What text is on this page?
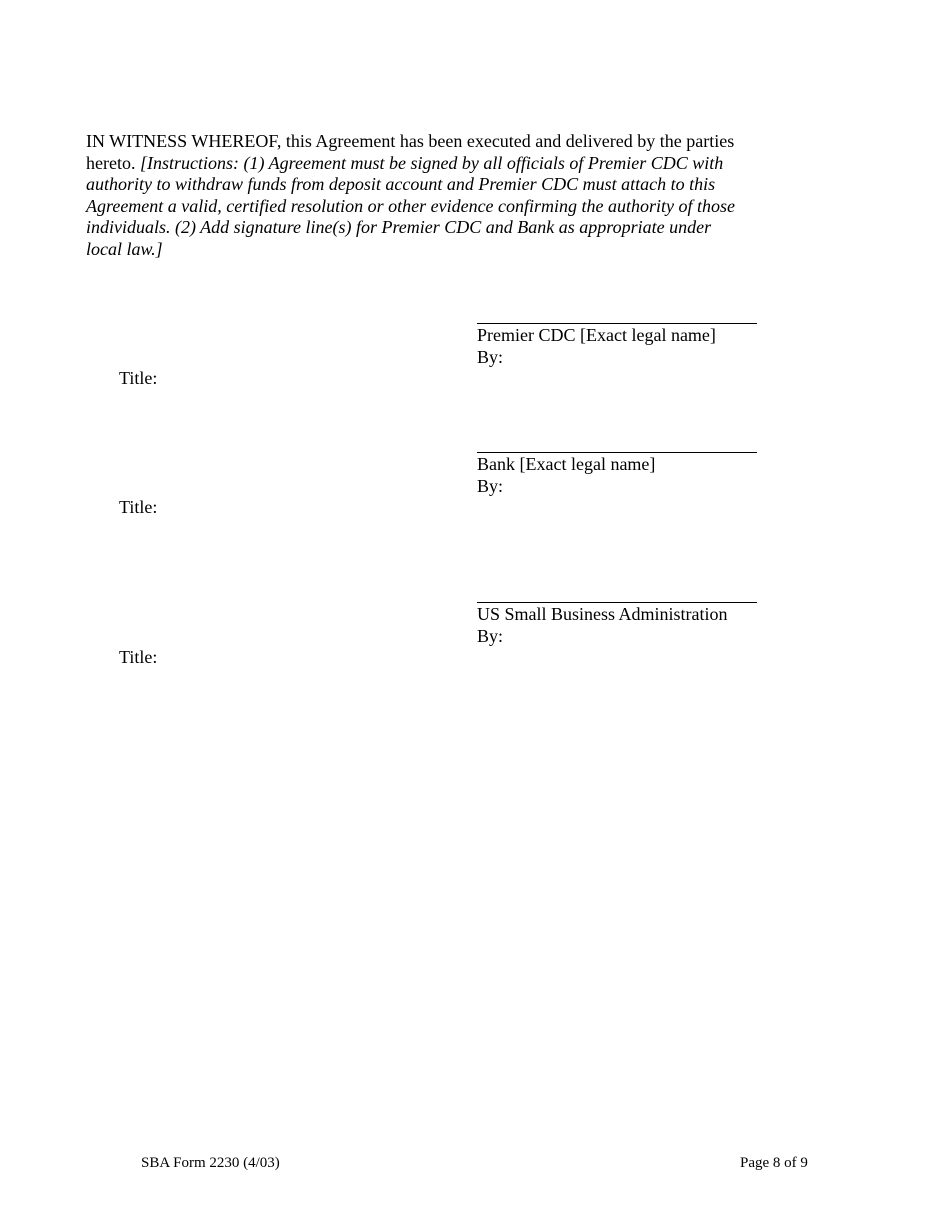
IN WITNESS WHEREOF, this Agreement has been executed and delivered by the parties hereto. [Instructions: (1) Agreement must be signed by all officials of Premier CDC with authority to withdraw funds from deposit account and Premier CDC must attach to this Agreement a valid, certified resolution or other evidence confirming the authority of those individuals. (2) Add signature line(s) for Premier CDC and Bank as appropriate under local law.]
Premier CDC [Exact legal name]
By:
Title:
Bank [Exact legal name]
By:
Title:
US Small Business Administration
By:
Title:
SBA Form 2230 (4/03)	Page 8 of 9
